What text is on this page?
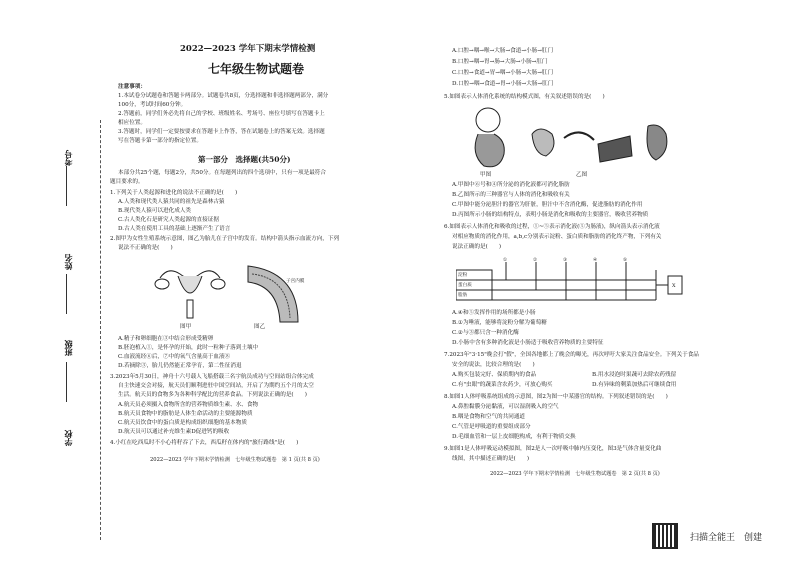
2022—2023 学年下期末学情检测
七年级生物试题卷
注意事项：
1.本试卷分试题卷和答题卡两部分。试题卷共8页，分选择题和非选择题两部分，满分
100分，考试时间60分钟。
2.答题前，同学们务必先将自己的学校、班级姓名、考场号、座位号填写在答题卡上
相应位置。
3.答题时，同学们一定要按要求在答题卡上作答，答在试题卷上的答案无效。选择题
写在答题卡第一部分的指定位置。
考号
姓名
班级
学校
第一部分　选择题(共50分)
本部分共25个题，每题2分，共50分。在每题列出的四个选项中，只有一项是最符合
题目要求的。
1.下列关于人类起源和进化的说法不正确的是(　　)
A.人类和现代类人猿共同的祖先是森林古猿
B.现代类人猿可以进化成人类
C.古人类化石是研究人类起源的直接证据
D.古人类在使用工具的基础上逐渐产生了语言
2.图甲为女性生殖系统示意图，图乙为胎儿在子宫中的发育。结构中箭头指示血流方向，下列
说法不正确的是(　　)
图甲
子宫内膜
图乙
A.精子和卵细胞在③中结合形成受精卵
B.胚泡植入①，是怀孕的开始，此时一粒种子落到土壤中
C.血液流经⑥后，⑦中的氧气含量高于血液⑧
D.若摘除③，胎儿仍然能正常孕育，第二性征消退
3.2023年5月30日，神舟十六号载人飞船搭载三名宇航员成功与空间站组合体完成
自主快速交会对接，航天员们顺利进驻中国空间站，开启了为期约五个月的太空
生活。航天员的食物多为各种科学配比的营养食品。下列说法正确的是(　　)
A.航天员必须摄入食物所含的营养物质维生素、水、食物
B.航天员食物中的脂肪是人体生命活动的主要能源物质
C.航天员饮食中的蛋白质是构成组织细胞的基本物质
D.航天员可以通过补充维生素D促进钙的吸收
4.小红在吃西瓜时不小心将籽吞了下去，西瓜籽在体内的"旅行路线"是(　　)
2022—2023 学年下期末学情检测　七年级生物试题卷　第 1 页(共 8 页)
A.口腔→咽→喉→大肠→食道→小肠→肛门
B.口腔→咽→胃→肠→大肠→小肠→肛门
C.口腔→食道→胃→咽→小肠→大肠→肛门
D.口腔→咽→食道→胃→小肠→大肠→肛门
5.如图表示人体消化系统的结构模式图，有关叙述错误的是(　　)
甲图	乙图
A.甲图中⑥号和④所分泌的消化液都可消化脂肪
B.乙图所示的三种器官与人体的消化和吸收有关
C.甲图中能分泌胆汁的器官为肝脏，胆汁中不含消化酶，促进脂肪的消化作用
D.丙图所示小肠的结构特点，表明小肠是消化和吸收的主要器官，吸收营养物质
6.如图表示人体消化和吸收的过程，①~⑤表示消化液(⑤为肠液)，纵向箭头表示消化液
对相应物质的消化作用，a,b,c分别表示淀粉、蛋白质和脂肪的消化终产物，下列有关
说法正确的是(　　)
淀粉
蛋白质
脂肪
①	②	③	④	⑤
X
A.④和⑤发挥作用的场所都是小肠
B.①为唾液，能够将淀粉分解为葡萄糖
C.②与③都只含一种消化酶
D.小肠中含有多种消化液是小肠适于吸收营养物质的主要特征
7.2023年"3·15"晚会打"假"，全国各地都上了晚会的曝光，再次呼吁大家关注食品安全。下列关于食品
安全的说法，比较合理的是(　　)
A.购买包装完好、保质期内的食品	B.用水浸泡时果蔬可去除农药残留
C.有"虫眼"的蔬菜含农药少，可放心购买	D.有异味的剩菜加热后可继续食用
8.如图1人体呼吸系统组成的示意图，图2为图一中某器官的结构。下列叙述错误的是(　　)
A.鼻腔黏膜分泌黏液，可以湿润吸入的空气
B.咽是食物和空气的共同通道
C.气管是呼吸道的重要组成部分
D.毛细血管和一层上皮细胞构成，有利于物质交换
9.如图1是人体呼吸运动模拟图，图2是人一次呼吸中肺内压变化，图3是气体含量变化曲
线图，其中描述正确的是(　　)
2022—2023 学年下期末学情检测　七年级生物试题卷　第 2 页(共 8 页)
扫描全能王　创建
